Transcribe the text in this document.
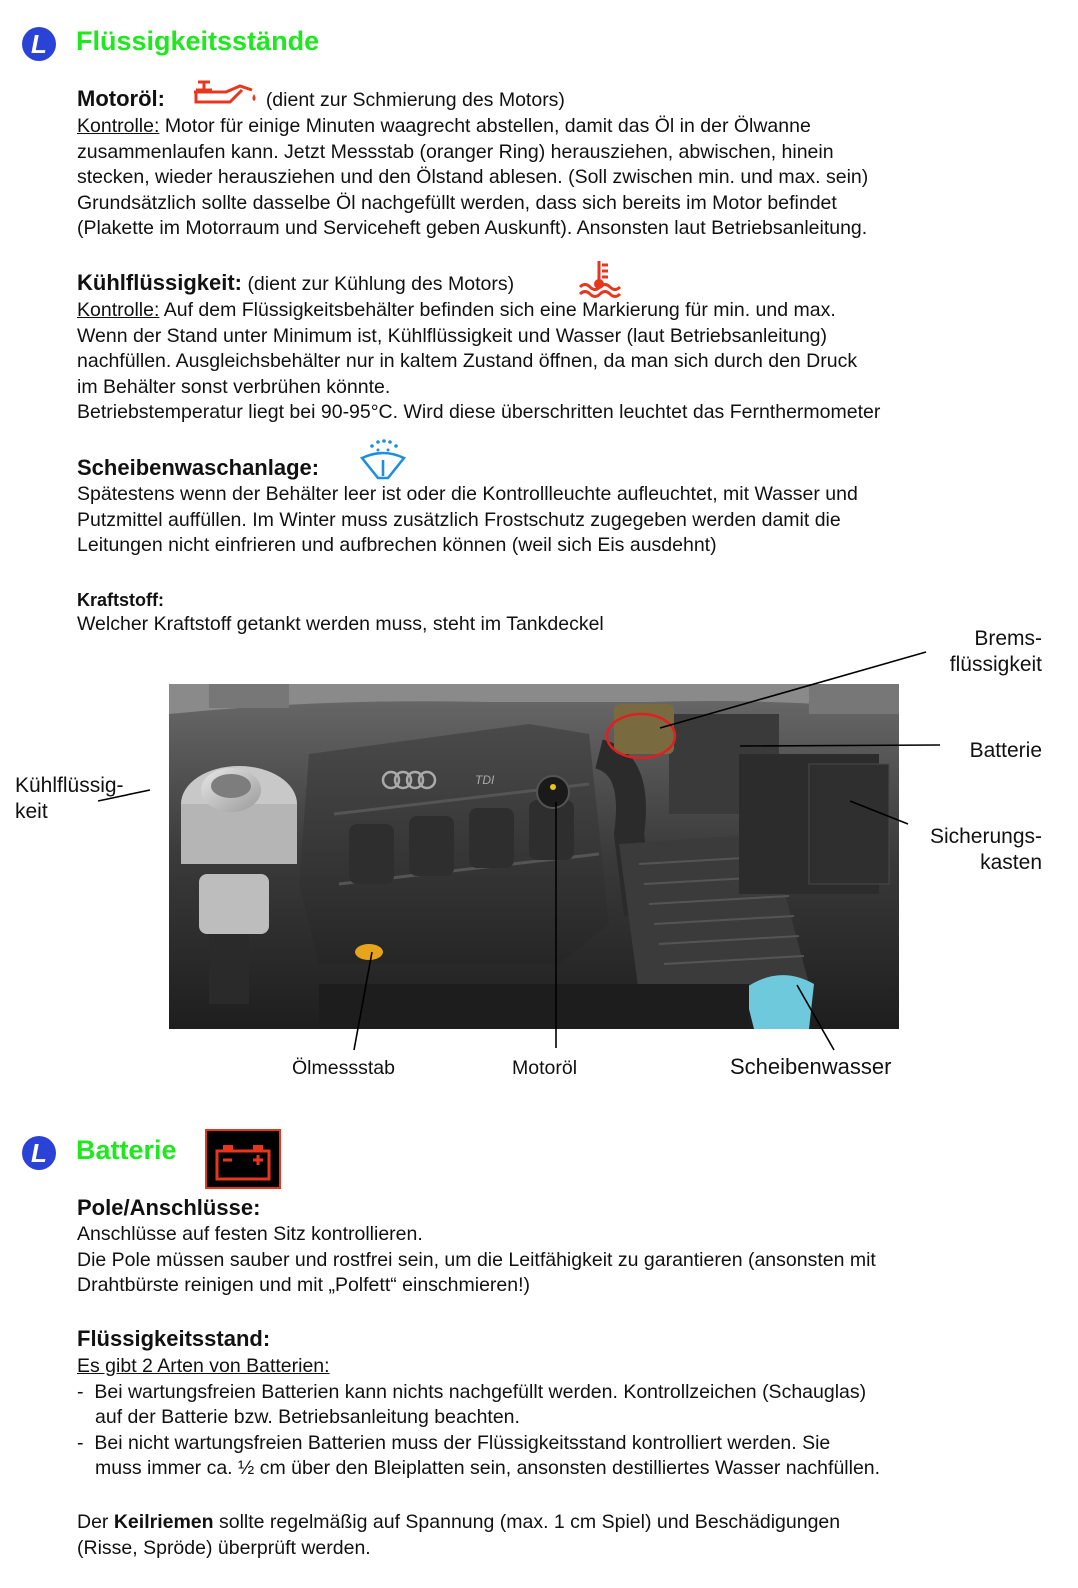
L	Flüssigkeitsstände
Motoröl:	(dient zur Schmierung des Motors)
Kontrolle: Motor für einige Minuten waagrecht abstellen, damit das Öl in der Ölwanne
zusammenlaufen kann. Jetzt Messstab (oranger Ring) herausziehen, abwischen, hinein
stecken, wieder herausziehen und den Ölstand ablesen. (Soll zwischen min. und max. sein)
Grundsätzlich sollte dasselbe Öl nachgefüllt werden, dass sich bereits im Motor befindet
(Plakette im Motorraum und Serviceheft geben Auskunft). Ansonsten laut Betriebsanleitung.
Kühlflüssigkeit: (dient zur Kühlung des Motors)
Kontrolle: Auf dem Flüssigkeitsbehälter befinden sich eine Markierung für min. und max.
Wenn der Stand unter Minimum ist, Kühlflüssigkeit und Wasser (laut Betriebsanleitung)
nachfüllen. Ausgleichsbehälter nur in kaltem Zustand öffnen, da man sich durch den Druck
im Behälter sonst verbrühen könnte.
Betriebstemperatur liegt bei 90-95°C. Wird diese überschritten leuchtet das Fernthermometer
Scheibenwaschanlage:
Spätestens wenn der Behälter leer ist oder die Kontrollleuchte aufleuchtet, mit Wasser und
Putzmittel auffüllen. Im Winter muss zusätzlich Frostschutz zugegeben werden damit die
Leitungen nicht einfrieren und aufbrechen können (weil sich Eis ausdehnt)
Kraftstoff:
Welcher Kraftstoff getankt werden muss, steht im Tankdeckel
TDI
Brems-
flüssigkeit
Batterie
Sicherungs-
kasten
Kühlflüssig-
keit
Ölmessstab	Motoröl	Scheibenwasser
L	Batterie
Pole/Anschlüsse:
Anschlüsse auf festen Sitz kontrollieren.
Die Pole müssen sauber und rostfrei sein, um die Leitfähigkeit zu garantieren (ansonsten mit
Drahtbürste reinigen und mit „Polfett“ einschmieren!)
Flüssigkeitsstand:
Es gibt 2 Arten von Batterien:
-  Bei wartungsfreien Batterien kann nichts nachgefüllt werden. Kontrollzeichen (Schauglas)
auf der Batterie bzw. Betriebsanleitung beachten.
-  Bei nicht wartungsfreien Batterien muss der Flüssigkeitsstand kontrolliert werden. Sie
muss immer ca. ½ cm über den Bleiplatten sein, ansonsten destilliertes Wasser nachfüllen.
Der Keilriemen sollte regelmäßig auf Spannung (max. 1 cm Spiel) und Beschädigungen
(Risse, Spröde) überprüft werden.
